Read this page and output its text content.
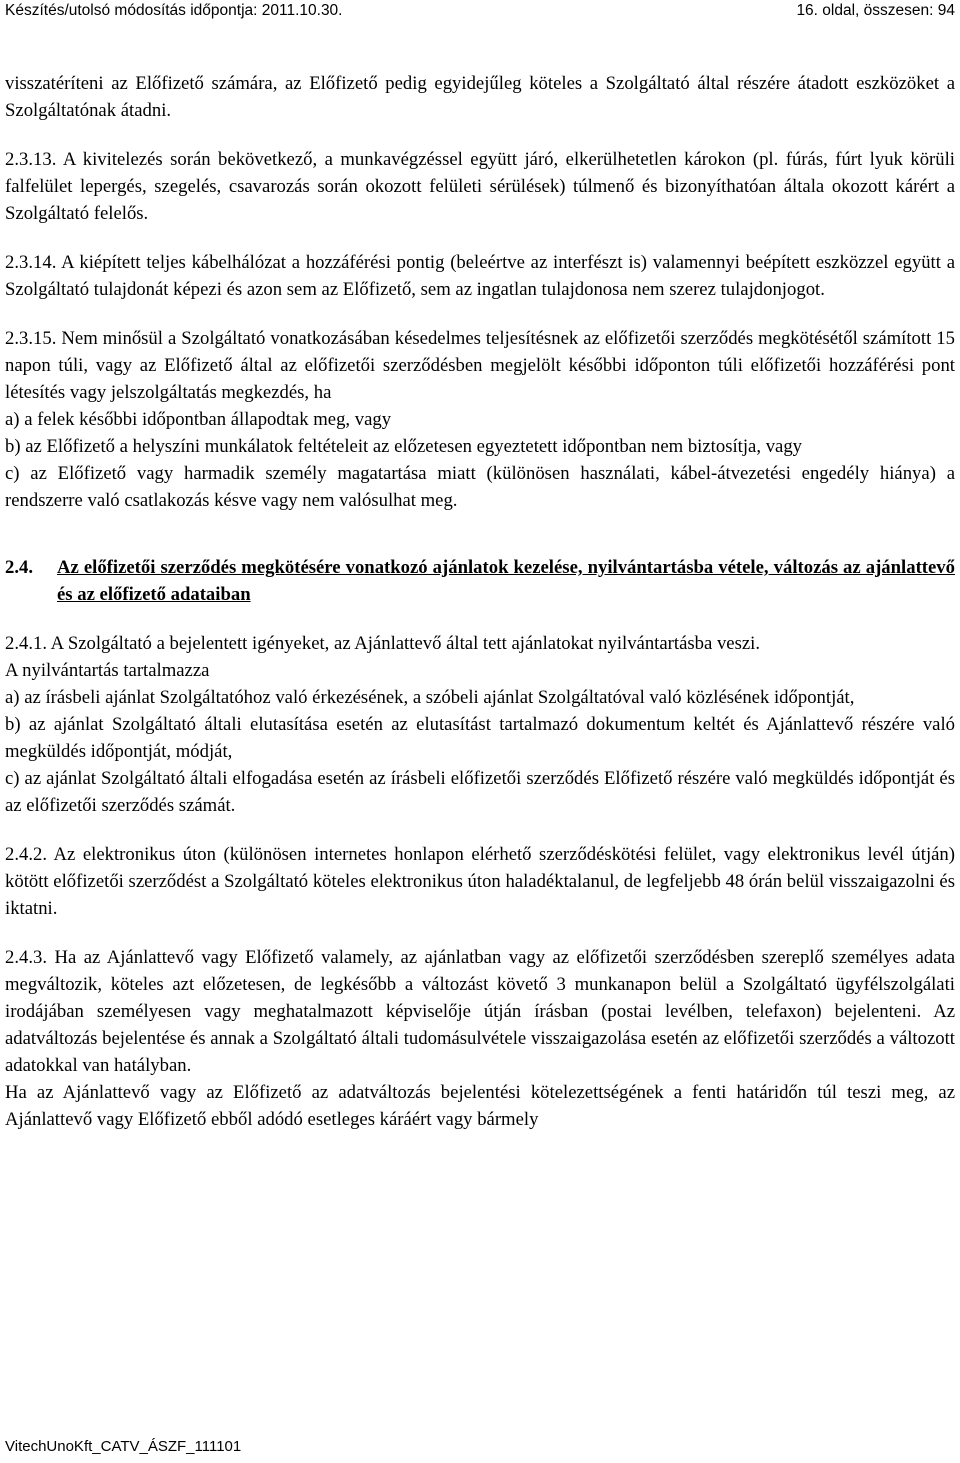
Készítés/utolsó módosítás időpontja: 2011.10.30.	16. oldal, összesen: 94

visszatéríteni az Előfizető számára, az Előfizető pedig egyidejűleg köteles a Szolgáltató által részére átadott eszközöket a Szolgáltatónak átadni.

2.3.13. A kivitelezés során bekövetkező, a munkavégzéssel együtt járó, elkerülhetetlen károkon (pl. fúrás, fúrt lyuk körüli falfelület lepergés, szegelés, csavarozás során okozott felületi sérülések) túlmenő és bizonyíthatóan általa okozott kárért a Szolgáltató felelős.

2.3.14. A kiépített teljes kábelhálózat a hozzáférési pontig (beleértve az interfészt is) valamennyi beépített eszközzel együtt a Szolgáltató tulajdonát képezi és azon sem az Előfizető, sem az ingatlan tulajdonosa nem szerez tulajdonjogot.

2.3.15. Nem minősül a Szolgáltató vonatkozásában késedelmes teljesítésnek az előfizetői szerződés megkötésétől számított 15 napon túli, vagy az Előfizető által az előfizetői szerződésben megjelölt későbbi időponton túli előfizetői hozzáférési pont létesítés vagy jelszolgáltatás megkezdés, ha

a) a felek későbbi időpontban állapodtak meg, vagy

b) az Előfizető a helyszíni munkálatok feltételeit az előzetesen egyeztetett időpontban nem biztosítja, vagy

c) az Előfizető vagy harmadik személy magatartása miatt (különösen használati, kábel-átvezetési engedély hiánya) a rendszerre való csatlakozás késve vagy nem valósulhat meg.

2.4.	Az előfizetői szerződés megkötésére vonatkozó ajánlatok kezelése, nyilvántartásba vétele, változás az ajánlattevő és az előfizető adataiban

2.4.1. A Szolgáltató a bejelentett igényeket, az Ajánlattevő által tett ajánlatokat nyilvántartásba veszi.

A nyilvántartás tartalmazza

a) az írásbeli ajánlat Szolgáltatóhoz való érkezésének, a szóbeli ajánlat Szolgáltatóval való közlésének időpontját,

b) az ajánlat Szolgáltató általi elutasítása esetén az elutasítást tartalmazó dokumentum keltét és Ajánlattevő részére való megküldés időpontját, módját,

c) az ajánlat Szolgáltató általi elfogadása esetén az írásbeli előfizetői szerződés Előfizető részére való megküldés időpontját és az előfizetői szerződés számát.

2.4.2. Az elektronikus úton (különösen internetes honlapon elérhető szerződéskötési felület, vagy elektronikus levél útján) kötött előfizetői szerződést a Szolgáltató köteles elektronikus úton haladéktalanul, de legfeljebb 48 órán belül visszaigazolni és iktatni.

2.4.3. Ha az Ajánlattevő vagy Előfizető valamely, az ajánlatban vagy az előfizetői szerződésben szereplő személyes adata megváltozik, köteles azt előzetesen, de legkésőbb a változást követő 3 munkanapon belül a Szolgáltató ügyfélszolgálati irodájában személyesen vagy meghatalmazott képviselője útján írásban (postai levélben, telefaxon) bejelenteni. Az adatváltozás bejelentése és annak a Szolgáltató általi tudomásulvétele visszaigazolása esetén az előfizetői szerződés a változott adatokkal van hatályban.

Ha az Ajánlattevő vagy az Előfizető az adatváltozás bejelentési kötelezettségének a fenti határidőn túl teszi meg, az Ajánlattevő vagy Előfizető ebből adódó esetleges káráért vagy bármely

VitechUnoKft_CATV_ÁSZF_111101
